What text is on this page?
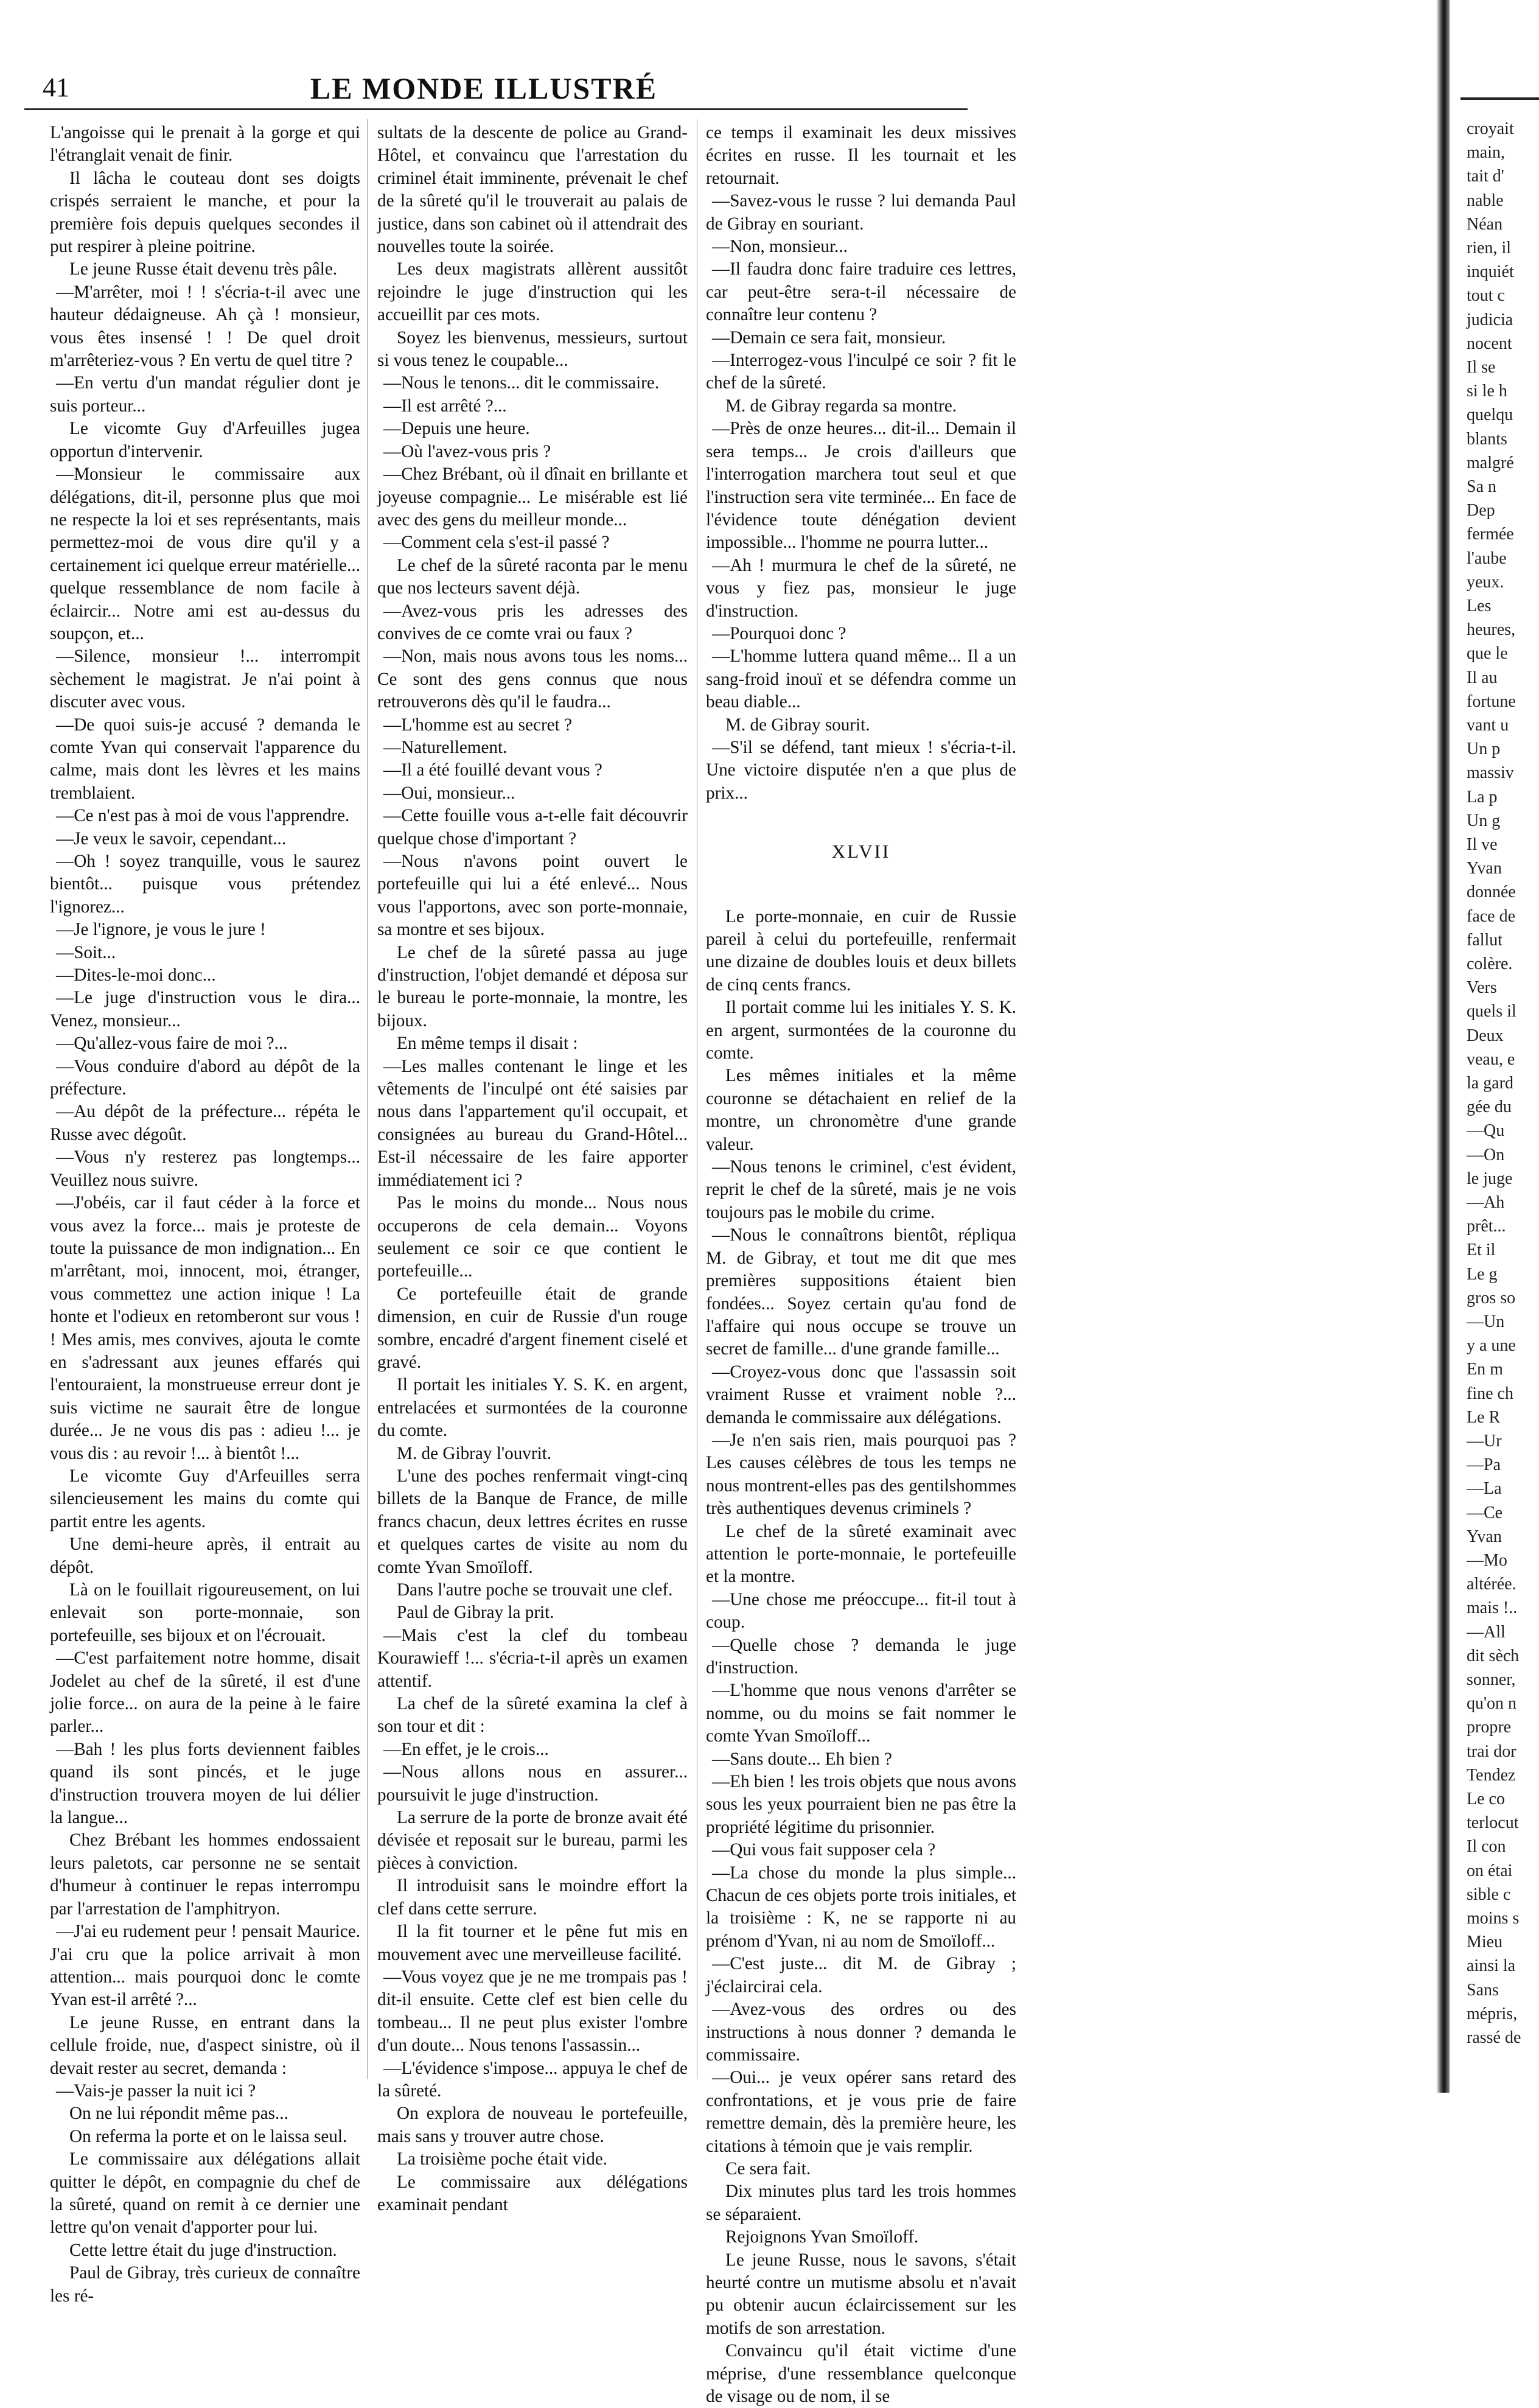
41	LE MONDE ILLUSTRÉ

L'angoisse qui le prenait à la gorge et qui l'étranglait venait de finir.

Il lâcha le couteau dont ses doigts crispés serraient le manche, et pour la première fois depuis quelques secondes il put respirer à pleine poitrine.

Le jeune Russe était devenu très pâle.

—M'arrêter, moi ! ! s'écria-t-il avec une hauteur dédaigneuse. Ah çà ! monsieur, vous êtes insensé ! ! De quel droit m'arrêteriez-vous ? En vertu de quel titre ?

—En vertu d'un mandat régulier dont je suis porteur...

Le vicomte Guy d'Arfeuilles jugea opportun d'intervenir.

—Monsieur le commissaire aux délégations, dit-il, personne plus que moi ne respecte la loi et ses représentants, mais permettez-moi de vous dire qu'il y a certainement ici quelque erreur matérielle... quelque ressemblance de nom facile à éclaircir... Notre ami est au-dessus du soupçon, et...

—Silence, monsieur !... interrompit sèchement le magistrat. Je n'ai point à discuter avec vous.

—De quoi suis-je accusé ? demanda le comte Yvan qui conservait l'apparence du calme, mais dont les lèvres et les mains tremblaient.

—Ce n'est pas à moi de vous l'apprendre.

—Je veux le savoir, cependant...

—Oh ! soyez tranquille, vous le saurez bientôt... puisque vous prétendez l'ignorez...

—Je l'ignore, je vous le jure !

—Soit...

—Dites-le-moi donc...

—Le juge d'instruction vous le dira... Venez, monsieur...

—Qu'allez-vous faire de moi ?...

—Vous conduire d'abord au dépôt de la préfecture.

—Au dépôt de la préfecture... répéta le Russe avec dégoût.

—Vous n'y resterez pas longtemps... Veuillez nous suivre.

—J'obéis, car il faut céder à la force et vous avez la force... mais je proteste de toute la puissance de mon indignation... En m'arrêtant, moi, innocent, moi, étranger, vous commettez une action inique ! La honte et l'odieux en retomberont sur vous ! ! Mes amis, mes convives, ajouta le comte en s'adressant aux jeunes effarés qui l'entouraient, la monstrueuse erreur dont je suis victime ne saurait être de longue durée... Je ne vous dis pas : adieu !... je vous dis : au revoir !... à bientôt !...

Le vicomte Guy d'Arfeuilles serra silencieusement les mains du comte qui partit entre les agents.

Une demi-heure après, il entrait au dépôt.

Là on le fouillait rigoureusement, on lui enlevait son porte-monnaie, son portefeuille, ses bijoux et on l'écrouait.

—C'est parfaitement notre homme, disait Jodelet au chef de la sûreté, il est d'une jolie force... on aura de la peine à le faire parler...

—Bah ! les plus forts deviennent faibles quand ils sont pincés, et le juge d'instruction trouvera moyen de lui délier la langue...

Chez Brébant les hommes endossaient leurs paletots, car personne ne se sentait d'humeur à continuer le repas interrompu par l'arrestation de l'amphitryon.

—J'ai eu rudement peur ! pensait Maurice. J'ai cru que la police arrivait à mon attention... mais pourquoi donc le comte Yvan est-il arrêté ?...

Le jeune Russe, en entrant dans la cellule froide, nue, d'aspect sinistre, où il devait rester au secret, demanda :

—Vais-je passer la nuit ici ?

On ne lui répondit même pas...

On referma la porte et on le laissa seul.

Le commissaire aux délégations allait quitter le dépôt, en compagnie du chef de la sûreté, quand on remit à ce dernier une lettre qu'on venait d'apporter pour lui.

Cette lettre était du juge d'instruction.

Paul de Gibray, très curieux de connaître les ré-

sultats de la descente de police au Grand-Hôtel, et convaincu que l'arrestation du criminel était imminente, prévenait le chef de la sûreté qu'il le trouverait au palais de justice, dans son cabinet où il attendrait des nouvelles toute la soirée.

Les deux magistrats allèrent aussitôt rejoindre le juge d'instruction qui les accueillit par ces mots.

Soyez les bienvenus, messieurs, surtout si vous tenez le coupable...

—Nous le tenons... dit le commissaire.

—Il est arrêté ?...

—Depuis une heure.

—Où l'avez-vous pris ?

—Chez Brébant, où il dînait en brillante et joyeuse compagnie... Le misérable est lié avec des gens du meilleur monde...

—Comment cela s'est-il passé ?

Le chef de la sûreté raconta par le menu que nos lecteurs savent déjà.

—Avez-vous pris les adresses des convives de ce comte vrai ou faux ?

—Non, mais nous avons tous les noms... Ce sont des gens connus que nous retrouverons dès qu'il le faudra...

—L'homme est au secret ?

—Naturellement.

—Il a été fouillé devant vous ?

—Oui, monsieur...

—Cette fouille vous a-t-elle fait découvrir quelque chose d'important ?

—Nous n'avons point ouvert le portefeuille qui lui a été enlevé... Nous vous l'apportons, avec son porte-monnaie, sa montre et ses bijoux.

Le chef de la sûreté passa au juge d'instruction, l'objet demandé et déposa sur le bureau le porte-monnaie, la montre, les bijoux.

En même temps il disait :

—Les malles contenant le linge et les vêtements de l'inculpé ont été saisies par nous dans l'appartement qu'il occupait, et consignées au bureau du Grand-Hôtel... Est-il nécessaire de les faire apporter immédiatement ici ?

Pas le moins du monde... Nous nous occuperons de cela demain... Voyons seulement ce soir ce que contient le portefeuille...

Ce portefeuille était de grande dimension, en cuir de Russie d'un rouge sombre, encadré d'argent finement ciselé et gravé.

Il portait les initiales Y. S. K. en argent, entrelacées et surmontées de la couronne du comte.

M. de Gibray l'ouvrit.

L'une des poches renfermait vingt-cinq billets de la Banque de France, de mille francs chacun, deux lettres écrites en russe et quelques cartes de visite au nom du comte Yvan Smoïloff.

Dans l'autre poche se trouvait une clef.

Paul de Gibray la prit.

—Mais c'est la clef du tombeau Kourawieff !... s'écria-t-il après un examen attentif.

La chef de la sûreté examina la clef à son tour et dit :

—En effet, je le crois...

—Nous allons nous en assurer... poursuivit le juge d'instruction.

La serrure de la porte de bronze avait été dévisée et reposait sur le bureau, parmi les pièces à conviction.

Il introduisit sans le moindre effort la clef dans cette serrure.

Il la fit tourner et le pêne fut mis en mouvement avec une merveilleuse facilité.

—Vous voyez que je ne me trompais pas ! dit-il ensuite. Cette clef est bien celle du tombeau... Il ne peut plus exister l'ombre d'un doute... Nous tenons l'assassin...

—L'évidence s'impose... appuya le chef de la sûreté.

On explora de nouveau le portefeuille, mais sans y trouver autre chose.

La troisième poche était vide.

Le commissaire aux délégations examinait pendant

ce temps il examinait les deux missives écrites en russe. Il les tournait et les retournait.

—Savez-vous le russe ? lui demanda Paul de Gibray en souriant.

—Non, monsieur...

—Il faudra donc faire traduire ces lettres, car peut-être sera-t-il nécessaire de connaître leur contenu ?

—Demain ce sera fait, monsieur.

—Interrogez-vous l'inculpé ce soir ? fit le chef de la sûreté.

M. de Gibray regarda sa montre.

—Près de onze heures... dit-il... Demain il sera temps... Je crois d'ailleurs que l'interrogation marchera tout seul et que l'instruction sera vite terminée... En face de l'évidence toute dénégation devient impossible... l'homme ne pourra lutter...

—Ah ! murmura le chef de la sûreté, ne vous y fiez pas, monsieur le juge d'instruction.

—Pourquoi donc ?

—L'homme luttera quand même... Il a un sang-froid inouï et se défendra comme un beau diable...

M. de Gibray sourit.

—S'il se défend, tant mieux ! s'écria-t-il. Une victoire disputée n'en a que plus de prix...

XLVII

Le porte-monnaie, en cuir de Russie pareil à celui du portefeuille, renfermait une dizaine de doubles louis et deux billets de cinq cents francs.

Il portait comme lui les initiales Y. S. K. en argent, surmontées de la couronne du comte.

Les mêmes initiales et la même couronne se détachaient en relief de la montre, un chronomètre d'une grande valeur.

—Nous tenons le criminel, c'est évident, reprit le chef de la sûreté, mais je ne vois toujours pas le mobile du crime.

—Nous le connaîtrons bientôt, répliqua M. de Gibray, et tout me dit que mes premières suppositions étaient bien fondées... Soyez certain qu'au fond de l'affaire qui nous occupe se trouve un secret de famille... d'une grande famille...

—Croyez-vous donc que l'assassin soit vraiment Russe et vraiment noble ?... demanda le commissaire aux délégations.

—Je n'en sais rien, mais pourquoi pas ? Les causes célèbres de tous les temps ne nous montrent-elles pas des gentilshommes très authentiques devenus criminels ?

Le chef de la sûreté examinait avec attention le porte-monnaie, le portefeuille et la montre.

—Une chose me préoccupe... fit-il tout à coup.

—Quelle chose ? demanda le juge d'instruction.

—L'homme que nous venons d'arrêter se nomme, ou du moins se fait nommer le comte Yvan Smoïloff...

—Sans doute... Eh bien ?

—Eh bien ! les trois objets que nous avons sous les yeux pourraient bien ne pas être la propriété légitime du prisonnier.

—Qui vous fait supposer cela ?

—La chose du monde la plus simple... Chacun de ces objets porte trois initiales, et la troisième : K, ne se rapporte ni au prénom d'Yvan, ni au nom de Smoïloff...

—C'est juste... dit M. de Gibray ; j'éclaircirai cela.

—Avez-vous des ordres ou des instructions à nous donner ? demanda le commissaire.

—Oui... je veux opérer sans retard des confrontations, et je vous prie de faire remettre demain, dès la première heure, les citations à témoin que je vais remplir.

Ce sera fait.

Dix minutes plus tard les trois hommes se séparaient.

Rejoignons Yvan Smoïloff.

Le jeune Russe, nous le savons, s'était heurté contre un mutisme absolu et n'avait pu obtenir aucun éclaircissement sur les motifs de son arrestation.

Convaincu qu'il était victime d'une méprise, d'une ressemblance quelconque de visage ou de nom, il se

croyait
main,
tait d'
nable
Néan
rien, il
inquiét
tout c
judicia
nocent
Il se
si le h
quelqu
blants
malgré
Sa n
Dep
fermée
l'aube
yeux.
Les
heures,
que le
Il au
fortune
vant u
Un p
massiv
La p
Un g
Il ve
Yvan
donnée
face de
fallut
colère.
Vers
quels il
Deux
veau, e
la gard
gée du
—Qu
—On
le juge
—Ah
prêt...
Et il
Le g
gros so
—Un
y a une
En m
fine ch
Le R
—Ur
—Pa
—La
—Ce
Yvan
—Mo
altérée.
mais !..
—All
dit sèch
sonner,
qu'on n
propre
trai dor
Tendez
Le co
terlocut
Il con
on étai
sible c
moins s
Mieu
ainsi la
Sans
mépris,
rassé de
